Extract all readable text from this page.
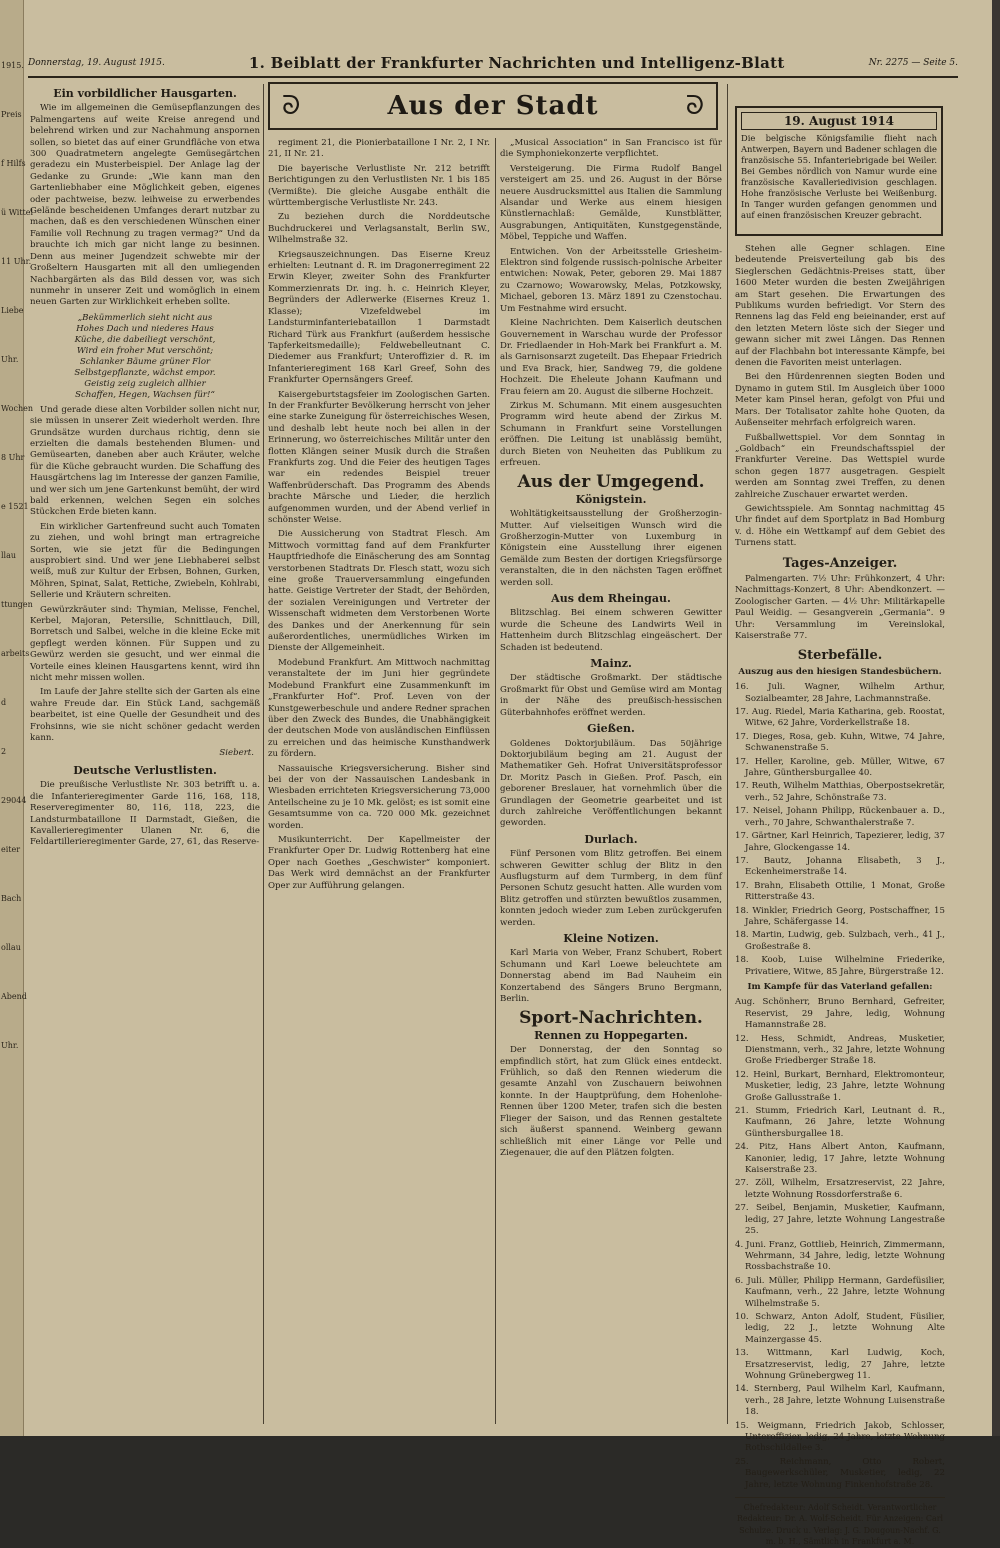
1915.
Preis
f Hilfs
ü Wittel
11 Uhr.
Liebe
Uhr.
Wochen
8 Uhr
e 1521
llau
ttungen
arbeits
d
2
29044
eiter
Bach
ollau
Abend
Uhr.
Donnerstag, 19. August 1915.	1. Beiblatt der Frankfurter Nachrichten und Intelligenz-Blatt	Nr. 2275 — Seite 5.
Ein vorbildlicher Hausgarten.

Wie im allgemeinen die Gemüsepflanzungen des Palmengartens auf weite Kreise anregend und belehrend wirken und zur Nachahmung anspornen sollen, so bietet das auf einer Grundfläche von etwa 300 Quadratmetern angelegte Gemüsegärtchen geradezu ein Musterbeispiel. Der Anlage lag der Gedanke zu Grunde: „Wie kann man den Gartenliebhaber eine Möglichkeit geben, eigenes oder pachtweise, bezw. leihweise zu erwerbendes Gelände bescheidenen Umfanges derart nutzbar zu machen, daß es den verschiedenen Wünschen einer Familie voll Rechnung zu tragen vermag?“ Und da brauchte ich mich gar nicht lange zu besinnen. Denn aus meiner Jugendzeit schwebte mir der Großeltern Hausgarten mit all den umliegenden Nachbargärten als das Bild dessen vor, was sich nunmehr in unserer Zeit und womöglich in einem neuen Garten zur Wirklichkeit erheben sollte.

„Bekümmerlich sieht nicht aus
Hohes Dach und niederes Haus
Küche, die dabeiliegt verschönt,
Wird ein froher Mut verschönt;
Schlanker Bäume grüner Flor
Selbstgepflanzte, wächst empor.
Geistig zeig zugleich allhier
Schaffen, Hegen, Wachsen für!“

Und gerade diese alten Vorbilder sollen nicht nur, sie müssen in unserer Zeit wiederholt werden. Ihre Grundsätze wurden durchaus richtig, denn sie erzielten die damals bestehenden Blumen- und Gemüsearten, daneben aber auch Kräuter, welche für die Küche gebraucht wurden. Die Schaffung des Hausgärtchens lag im Interesse der ganzen Familie, und wer sich um jene Gartenkunst bemüht, der wird bald erkennen, welchen Segen ein solches Stückchen Erde bieten kann.

Ein wirklicher Gartenfreund sucht auch Tomaten zu ziehen, und wohl bringt man ertragreiche Sorten, wie sie jetzt für die Bedingungen ausprobiert sind. Und wer jene Liebhaberei selbst weiß, muß zur Kultur der Erbsen, Bohnen, Gurken, Möhren, Spinat, Salat, Rettiche, Zwiebeln, Kohlrabi, Sellerie und Kräutern schreiten.

Gewürzkräuter sind: Thymian, Melisse, Fenchel, Kerbel, Majoran, Petersilie, Schnittlauch, Dill, Borretsch und Salbei, welche in die kleine Ecke mit gepflegt werden können. Für Suppen und zu Gewürz werden sie gesucht, und wer einmal die Vorteile eines kleinen Hausgartens kennt, wird ihn nicht mehr missen wollen.

Im Laufe der Jahre stellte sich der Garten als eine wahre Freude dar. Ein Stück Land, sachgemäß bearbeitet, ist eine Quelle der Gesundheit und des Frohsinns, wie sie nicht schöner gedacht werden kann.

Siebert.
Deutsche Verlustlisten.

Die preußische Verlustliste Nr. 303 betrifft u. a. die Infanterieregimenter Garde 116, 168, 118, Reserveregimenter 80, 116, 118, 223, die Landsturmbataillone II Darmstadt, Gießen, die Kavallerieregimenter Ulanen Nr. 6, die Feldartillerieregimenter Garde, 27, 61, das Reserve-

ᘐ	Aus der Stadt	ᘐ

regiment 21, die Pionierbataillone I Nr. 2, I Nr. 21, II Nr. 21.

Die bayerische Verlustliste Nr. 212 betrifft Berichtigungen zu den Verlustlisten Nr. 1 bis 185 (Vermißte). Die gleiche Ausgabe enthält die württembergische Verlustliste Nr. 243.

Zu beziehen durch die Norddeutsche Buchdruckerei und Verlagsanstalt, Berlin SW., Wilhelmstraße 32.

Kriegsauszeichnungen. Das Eiserne Kreuz erhielten: Leutnant d. R. im Dragonerregiment 22 Erwin Kleyer, zweiter Sohn des Frankfurter Kommerzienrats Dr. ing. h. c. Heinrich Kleyer, Begründers der Adlerwerke (Eisernes Kreuz 1. Klasse); Vizefeldwebel im Landsturminfanteriebataillon 1 Darmstadt Richard Türk aus Frankfurt (außerdem hessische Tapferkeitsmedaille); Feldwebelleutnant C. Diedemer aus Frankfurt; Unteroffizier d. R. im Infanterieregiment 168 Karl Greef, Sohn des Frankfurter Opernsängers Greef.

Kaisergeburtstagsfeier im Zoologischen Garten. In der Frankfurter Bevölkerung herrscht von jeher eine starke Zuneigung für österreichisches Wesen, und deshalb lebt heute noch bei allen in der Erinnerung, wo österreichisches Militär unter den flotten Klängen seiner Musik durch die Straßen Frankfurts zog. Und die Feier des heutigen Tages war ein redendes Beispiel treuer Waffenbrüderschaft. Das Programm des Abends brachte Märsche und Lieder, die herzlich aufgenommen wurden, und der Abend verlief in schönster Weise.

Die Aussicherung von Stadtrat Flesch. Am Mittwoch vormittag fand auf dem Frankfurter Hauptfriedhofe die Einäscherung des am Sonntag verstorbenen Stadtrats Dr. Flesch statt, wozu sich eine große Trauerversammlung eingefunden hatte. Geistige Vertreter der Stadt, der Behörden, der sozialen Vereinigungen und Vertreter der Wissenschaft widmeten dem Verstorbenen Worte des Dankes und der Anerkennung für sein außerordentliches, unermüdliches Wirken im Dienste der Allgemeinheit.

Modebund Frankfurt. Am Mittwoch nachmittag veranstaltete der im Juni hier gegründete Modebund Frankfurt eine Zusammenkunft im „Frankfurter Hof“. Prof. Leven von der Kunstgewerbeschule und andere Redner sprachen über den Zweck des Bundes, die Unabhängigkeit der deutschen Mode von ausländischen Einflüssen zu erreichen und das heimische Kunsthandwerk zu fördern.

Nassauische Kriegsversicherung. Bisher sind bei der von der Nassauischen Landesbank in Wiesbaden errichteten Kriegsversicherung 73,000 Anteilscheine zu je 10 Mk. gelöst; es ist somit eine Gesamtsumme von ca. 720 000 Mk. gezeichnet worden.

Musikunterricht. Der Kapellmeister der Frankfurter Oper Dr. Ludwig Rottenberg hat eine Oper nach Goethes „Geschwister“ komponiert. Das Werk wird demnächst an der Frankfurter Oper zur Aufführung gelangen.

„Musical Association“ in San Francisco ist für die Symphoniekonzerte verpflichtet.

Versteigerung. Die Firma Rudolf Bangel versteigert am 25. und 26. August in der Börse neuere Ausdrucksmittel aus Italien die Sammlung Alsandar und Werke aus einem hiesigen Künstlernachlaß: Gemälde, Kunstblätter, Ausgrabungen, Antiquitäten, Kunstgegenstände, Möbel, Teppiche und Waffen.

Entwichen. Von der Arbeitsstelle Griesheim-Elektron sind folgende russisch-polnische Arbeiter entwichen: Nowak, Peter, geboren 29. Mai 1887 zu Czarnowo; Wowarowsky, Melas, Potzkowsky, Michael, geboren 13. März 1891 zu Czenstochau. Um Festnahme wird ersucht.

Kleine Nachrichten. Dem Kaiserlich deutschen Gouvernement in Warschau wurde der Professor Dr. Friedlaender in Hoh-Mark bei Frankfurt a. M. als Garnisonsarzt zugeteilt. Das Ehepaar Friedrich und Eva Brack, hier, Sandweg 79, die goldene Hochzeit. Die Eheleute Johann Kaufmann und Frau feiern am 20. August die silberne Hochzeit.

Zirkus M. Schumann. Mit einem ausgesuchten Programm wird heute abend der Zirkus M. Schumann in Frankfurt seine Vorstellungen eröffnen. Die Leitung ist unablässig bemüht, durch Bieten von Neuheiten das Publikum zu erfreuen.

Aus der Umgegend.
Königstein.

Wohltätigkeitsausstellung der Großherzogin-Mutter. Auf vielseitigen Wunsch wird die Großherzogin-Mutter von Luxemburg in Königstein eine Ausstellung ihrer eigenen Gemälde zum Besten der dortigen Kriegsfürsorge veranstalten, die in den nächsten Tagen eröffnet werden soll.

Aus dem Rheingau.

Blitzschlag. Bei einem schweren Gewitter wurde die Scheune des Landwirts Weil in Hattenheim durch Blitzschlag eingeäschert. Der Schaden ist bedeutend.

Mainz.

Der städtische Großmarkt. Der städtische Großmarkt für Obst und Gemüse wird am Montag in der Nähe des preußisch-hessischen Güterbahnhofes eröffnet werden.

Gießen.

Goldenes Doktorjubiläum. Das 50jährige Doktorjubiläum beging am 21. August der Mathematiker Geh. Hofrat Universitätsprofessor Dr. Moritz Pasch in Gießen. Prof. Pasch, ein geborener Breslauer, hat vornehmlich über die Grundlagen der Geometrie gearbeitet und ist durch zahlreiche Veröffentlichungen bekannt geworden.

Durlach.

Fünf Personen vom Blitz getroffen. Bei einem schweren Gewitter schlug der Blitz in den Ausflugsturm auf dem Turmberg, in dem fünf Personen Schutz gesucht hatten. Alle wurden vom Blitz getroffen und stürzten bewußtlos zusammen, konnten jedoch wieder zum Leben zurückgerufen werden.

Kleine Notizen.

Karl Maria von Weber, Franz Schubert, Robert Schumann und Karl Loewe beleuchtete am Donnerstag abend im Bad Nauheim ein Konzertabend des Sängers Bruno Bergmann, Berlin.

Sport-Nachrichten.
Rennen zu Hoppegarten.

Der Donnerstag, der den Sonntag so empfindlich stört, hat zum Glück eines entdeckt. Frühlich, so daß den Rennen wiederum die gesamte Anzahl von Zuschauern beiwohnen konnte. In der Hauptprüfung, dem Hohenlohe-Rennen über 1200 Meter, trafen sich die besten Flieger der Saison, und das Rennen gestaltete sich äußerst spannend. Weinberg gewann schließlich mit einer Länge vor Pelle und Ziegenauer, die auf den Plätzen folgten.

19. August 1914
Die belgische Königsfamilie flieht nach Antwerpen, Bayern und Badener schlagen die französische 55. Infanteriebrigade bei Weiler. Bei Gembes nördlich von Namur wurde eine französische Kavalleriedivision geschlagen. Hohe französische Verluste bei Weißenburg. In Tanger wurden gefangen genommen und auf einen französischen Kreuzer gebracht.

Stehen alle Gegner schlagen. Eine bedeutende Preisverteilung gab bis des Sieglerschen Gedächtnis-Preises statt, über 1600 Meter wurden die besten Zweijährigen am Start gesehen. Die Erwartungen des Publikums wurden befriedigt. Vor Stern des Rennens lag das Feld eng beieinander, erst auf den letzten Metern löste sich der Sieger und gewann sicher mit zwei Längen. Das Rennen auf der Flachbahn bot interessante Kämpfe, bei denen die Favoriten meist unterlagen.

Bei den Hürdenrennen siegten Boden und Dynamo in gutem Stil. Im Ausgleich über 1000 Meter kam Pinsel heran, gefolgt von Pfui und Mars. Der Totalisator zahlte hohe Quoten, da Außenseiter mehrfach erfolgreich waren.

Fußballwettspiel. Vor dem Sonntag in „Goldbach“ ein Freundschaftsspiel der Frankfurter Vereine. Das Wettspiel wurde schon gegen 1877 ausgetragen. Gespielt werden am Sonntag zwei Treffen, zu denen zahlreiche Zuschauer erwartet werden.

Gewichtsspiele. Am Sonntag nachmittag 45 Uhr findet auf dem Sportplatz in Bad Homburg v. d. Höhe ein Wettkampf auf dem Gebiet des Turnens statt.

Tages-Anzeiger.

Palmengarten. 7½ Uhr: Frühkonzert, 4 Uhr: Nachmittags-Konzert, 8 Uhr: Abendkonzert. — Zoologischer Garten. — 4½ Uhr: Militärkapelle Paul Weidig. — Gesangverein „Germania“. 9 Uhr: Versammlung im Vereinslokal, Kaiserstraße 77.

Sterbefälle.
Auszug aus den hiesigen Standesbüchern.
16. Juli. Wagner, Wilhelm Arthur, Sozialbeamter, 28 Jahre, Lachmannstraße.
17. Aug. Riedel, Maria Katharina, geb. Roostat, Witwe, 62 Jahre, Vorderkellstraße 18.
17. Dieges, Rosa, geb. Kuhn, Witwe, 74 Jahre, Schwanenstraße 5.
17. Heller, Karoline, geb. Müller, Witwe, 67 Jahre, Günthersburgallee 40.
17. Reuth, Wilhelm Matthias, Oberpostsekretär, verh., 52 Jahre, Schönstraße 73.
17. Neisel, Johann Philipp, Rückenbauer a. D., verh., 70 Jahre, Schwanthalerstraße 7.
17. Gärtner, Karl Heinrich, Tapezierer, ledig, 37 Jahre, Glockengasse 14.
17. Bautz, Johanna Elisabeth, 3 J., Eckenheimerstraße 14.
17. Brahn, Elisabeth Ottilie, 1 Monat, Große Ritterstraße 43.
18. Winkler, Friedrich Georg, Postschaffner, 15 Jahre, Schäfergasse 14.
18. Martin, Ludwig, geb. Sulzbach, verh., 41 J., Großestraße 8.
18. Koob, Luise Wilhelmine Friederike, Privatiere, Witwe, 85 Jahre, Bürgerstraße 12.
Im Kampfe für das Vaterland gefallen:
Aug. Schönherr, Bruno Bernhard, Gefreiter, Reservist, 29 Jahre, ledig, Wohnung Hamannstraße 28.
12. Hess, Schmidt, Andreas, Musketier, Dienstmann, verh., 32 Jahre, letzte Wohnung Große Friedberger Straße 18.
12. Heinl, Burkart, Bernhard, Elektromonteur, Musketier, ledig, 23 Jahre, letzte Wohnung Große Gallusstraße 1.
21. Stumm, Friedrich Karl, Leutnant d. R., Kaufmann, 26 Jahre, letzte Wohnung Günthersburgallee 18.
24. Pitz, Hans Albert Anton, Kaufmann, Kanonier, ledig, 17 Jahre, letzte Wohnung Kaiserstraße 23.
27. Zöll, Wilhelm, Ersatzreservist, 22 Jahre, letzte Wohnung Rossdorferstraße 6.
27. Seibel, Benjamin, Musketier, Kaufmann, ledig, 27 Jahre, letzte Wohnung Langestraße 25.
4. Juni. Franz, Gottlieb, Heinrich, Zimmermann, Wehrmann, 34 Jahre, ledig, letzte Wohnung Rossbachstraße 10.
6. Juli. Müller, Philipp Hermann, Gardefüsilier, Kaufmann, verh., 22 Jahre, letzte Wohnung Wilhelmstraße 5.
10. Schwarz, Anton Adolf, Student, Füsilier, ledig, 22 J., letzte Wohnung Alte Mainzergasse 45.
13. Wittmann, Karl Ludwig, Koch, Ersatzreservist, ledig, 27 Jahre, letzte Wohnung Grünebergweg 11.
14. Sternberg, Paul Wilhelm Karl, Kaufmann, verh., 28 Jahre, letzte Wohnung Luisenstraße 18.
15. Weigmann, Friedrich Jakob, Schlosser, Unteroffizier, ledig, 24 Jahre, letzte Wohnung Rothschildallee 3.
25. Reichmann, Otto Robert, Baugewerkschüler, Musketier, ledig, 22 Jahre, letzte Wohnung Finkenhofstraße 28.
Chefredakteur: Adolf Scheidt. Verantwortlicher Redakteur: Dr. A. Wolf-Scheidt. Für Anzeigen: Carl Schulze. Druck u. Verlag: J. G. Dougoun-Nachf. G. m. b. H., Sämtlich in Frankfurt a. M.
